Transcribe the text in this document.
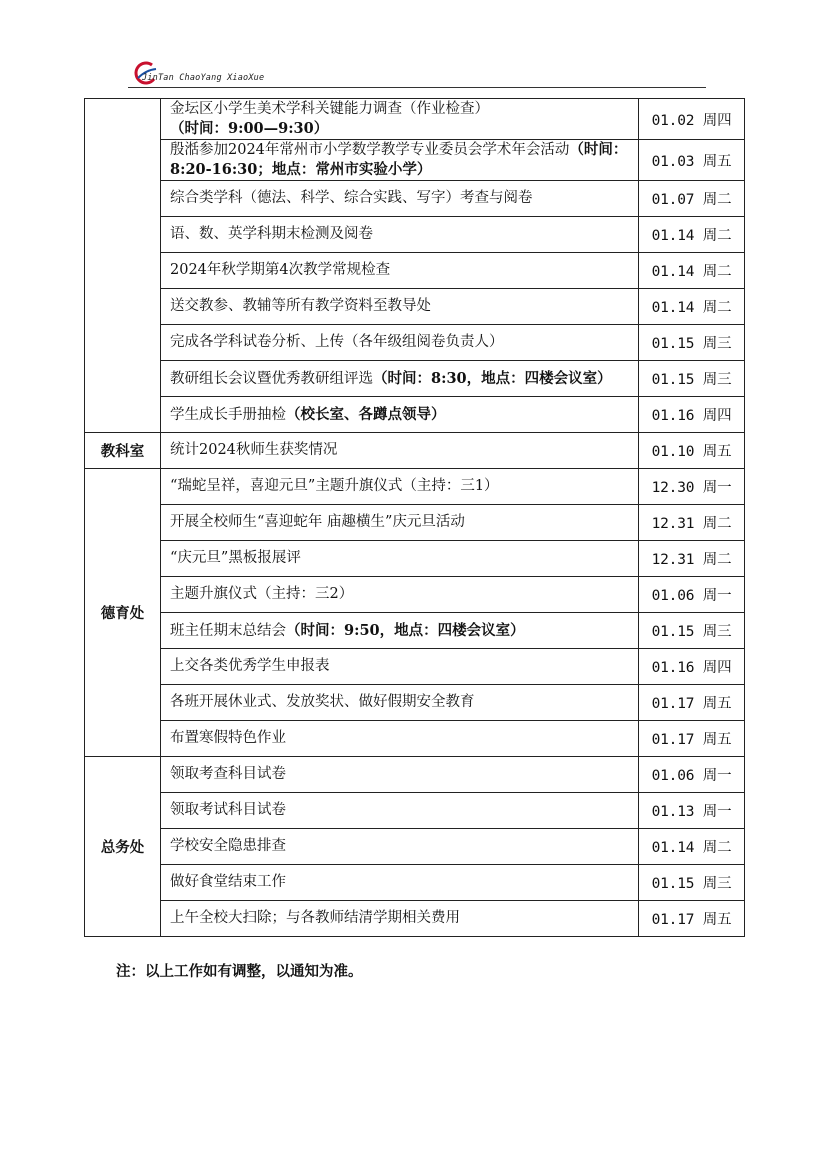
JinTan ChaoYang XiaoXue
	金坛区小学生美术学科关键能力调查（作业检查）（时间：9:00—9:30）	01.02 周四
	殷湉参加2024年常州市小学数学教学专业委员会学术年会活动（时间：8:20-16:30；地点：常州市实验小学）	01.03 周五
	综合类学科（德法、科学、综合实践、写字）考查与阅卷	01.07 周二
	语、数、英学科期末检测及阅卷	01.14 周二
	2024年秋学期第4次教学常规检查	01.14 周二
	送交教参、教辅等所有教学资料至教导处	01.14 周二
	完成各学科试卷分析、上传（各年级组阅卷负责人）	01.15 周三
	教研组长会议暨优秀教研组评选（时间：8:30，地点：四楼会议室）	01.15 周三
	学生成长手册抽检（校长室、各蹲点领导）	01.16 周四
教科室	统计2024秋师生获奖情况	01.10 周五
德育处	“瑞蛇呈祥，喜迎元旦”主题升旗仪式（主持：三1）	12.30 周一
	开展全校师生“喜迎蛇年 庙趣横生”庆元旦活动	12.31 周二
	“庆元旦”黑板报展评	12.31 周二
	主题升旗仪式（主持：三2）	01.06 周一
	班主任期末总结会（时间：9:50，地点：四楼会议室）	01.15 周三
	上交各类优秀学生申报表	01.16 周四
	各班开展休业式、发放奖状、做好假期安全教育	01.17 周五
	布置寒假特色作业	01.17 周五
总务处	领取考查科目试卷	01.06 周一
	领取考试科目试卷	01.13 周一
	学校安全隐患排查	01.14 周二
	做好食堂结束工作	01.15 周三
	上午全校大扫除；与各教师结清学期相关费用	01.17 周五
注：以上工作如有调整，以通知为准。
